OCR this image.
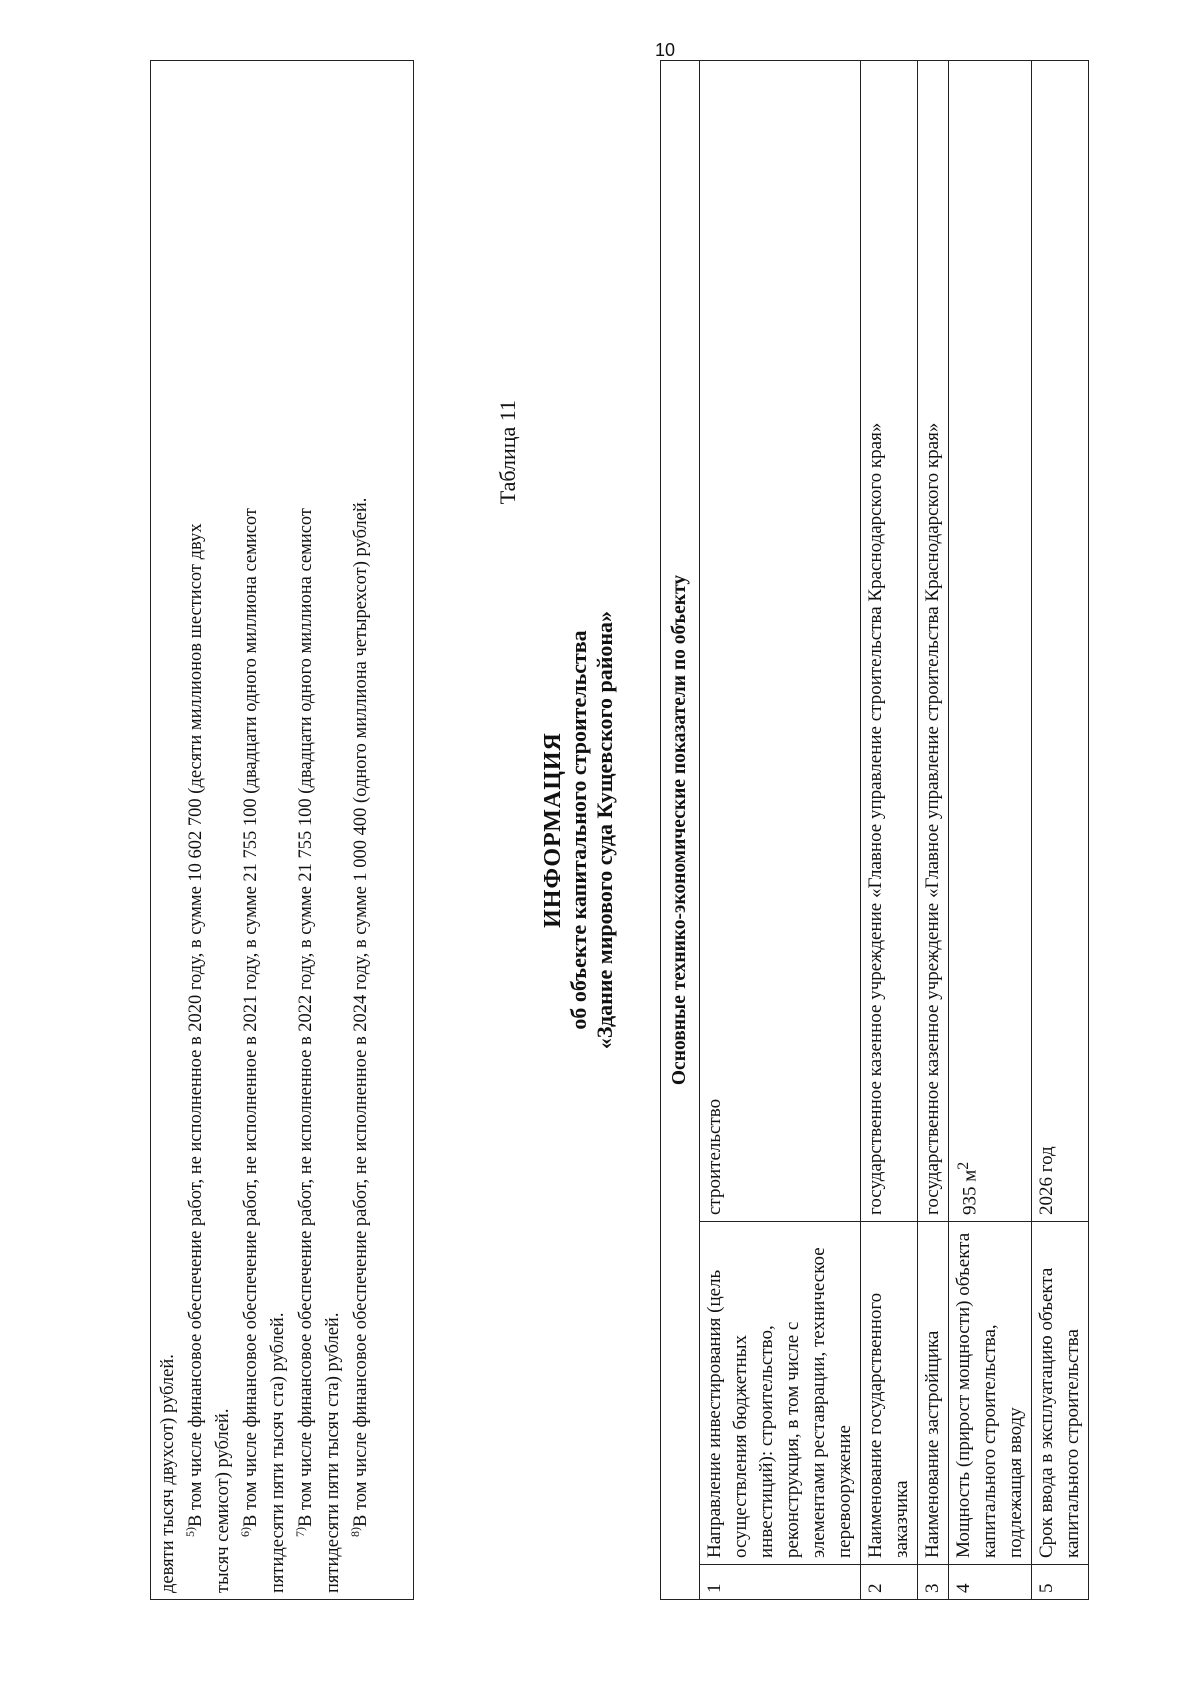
10
девяти тысяч двухсот) рублей. $^{5)}$В том числе финансовое обеспечение работ, не исполненное в 2020 году, в сумме 10 602 700 (десяти миллионов шестисот двух тысяч семисот) рублей. $^{6)}$В том числе финансовое обеспечение работ, не исполненное в 2021 году, в сумме 21 755 100 (двадцати одного миллиона семисот пятидесяти пяти тысяч ста) рублей. $^{7)}$В том числе финансовое обеспечение работ, не исполненное в 2022 году, в сумме 21 755 100 (двадцати одного миллиона семисот пятидесяти пяти тысяч ста) рублей. $^{8)}$В том числе финансовое обеспечение работ, не исполненное в 2024 году, в сумме 1 000 400 (одного миллиона четырехсот) рублей.
Таблица 11
ИНФОРМАЦИЯ об объекте капитального строительства «Здание мирового суда Кущевского района»	Основные технико-экономические показатели по объекту		
1	Направление инвестирования (цель осуществления бюджетных инвестиций): строительство, реконструкция, в том числе с элементами реставрации, техническое перевооружение	строительство
2	Наименование государственного заказчика	государственное казенное учреждение «Главное управление строительства Краснодарского края»
3	Наименование застройщика	государственное казенное учреждение «Главное управление строительства Краснодарского края»
4	Мощность (прирост мощности) объекта капитального строительства, подлежащая вводу	935 $м^2$
5	Срок ввода в эксплуатацию объекта капитального строительства	2026 год
